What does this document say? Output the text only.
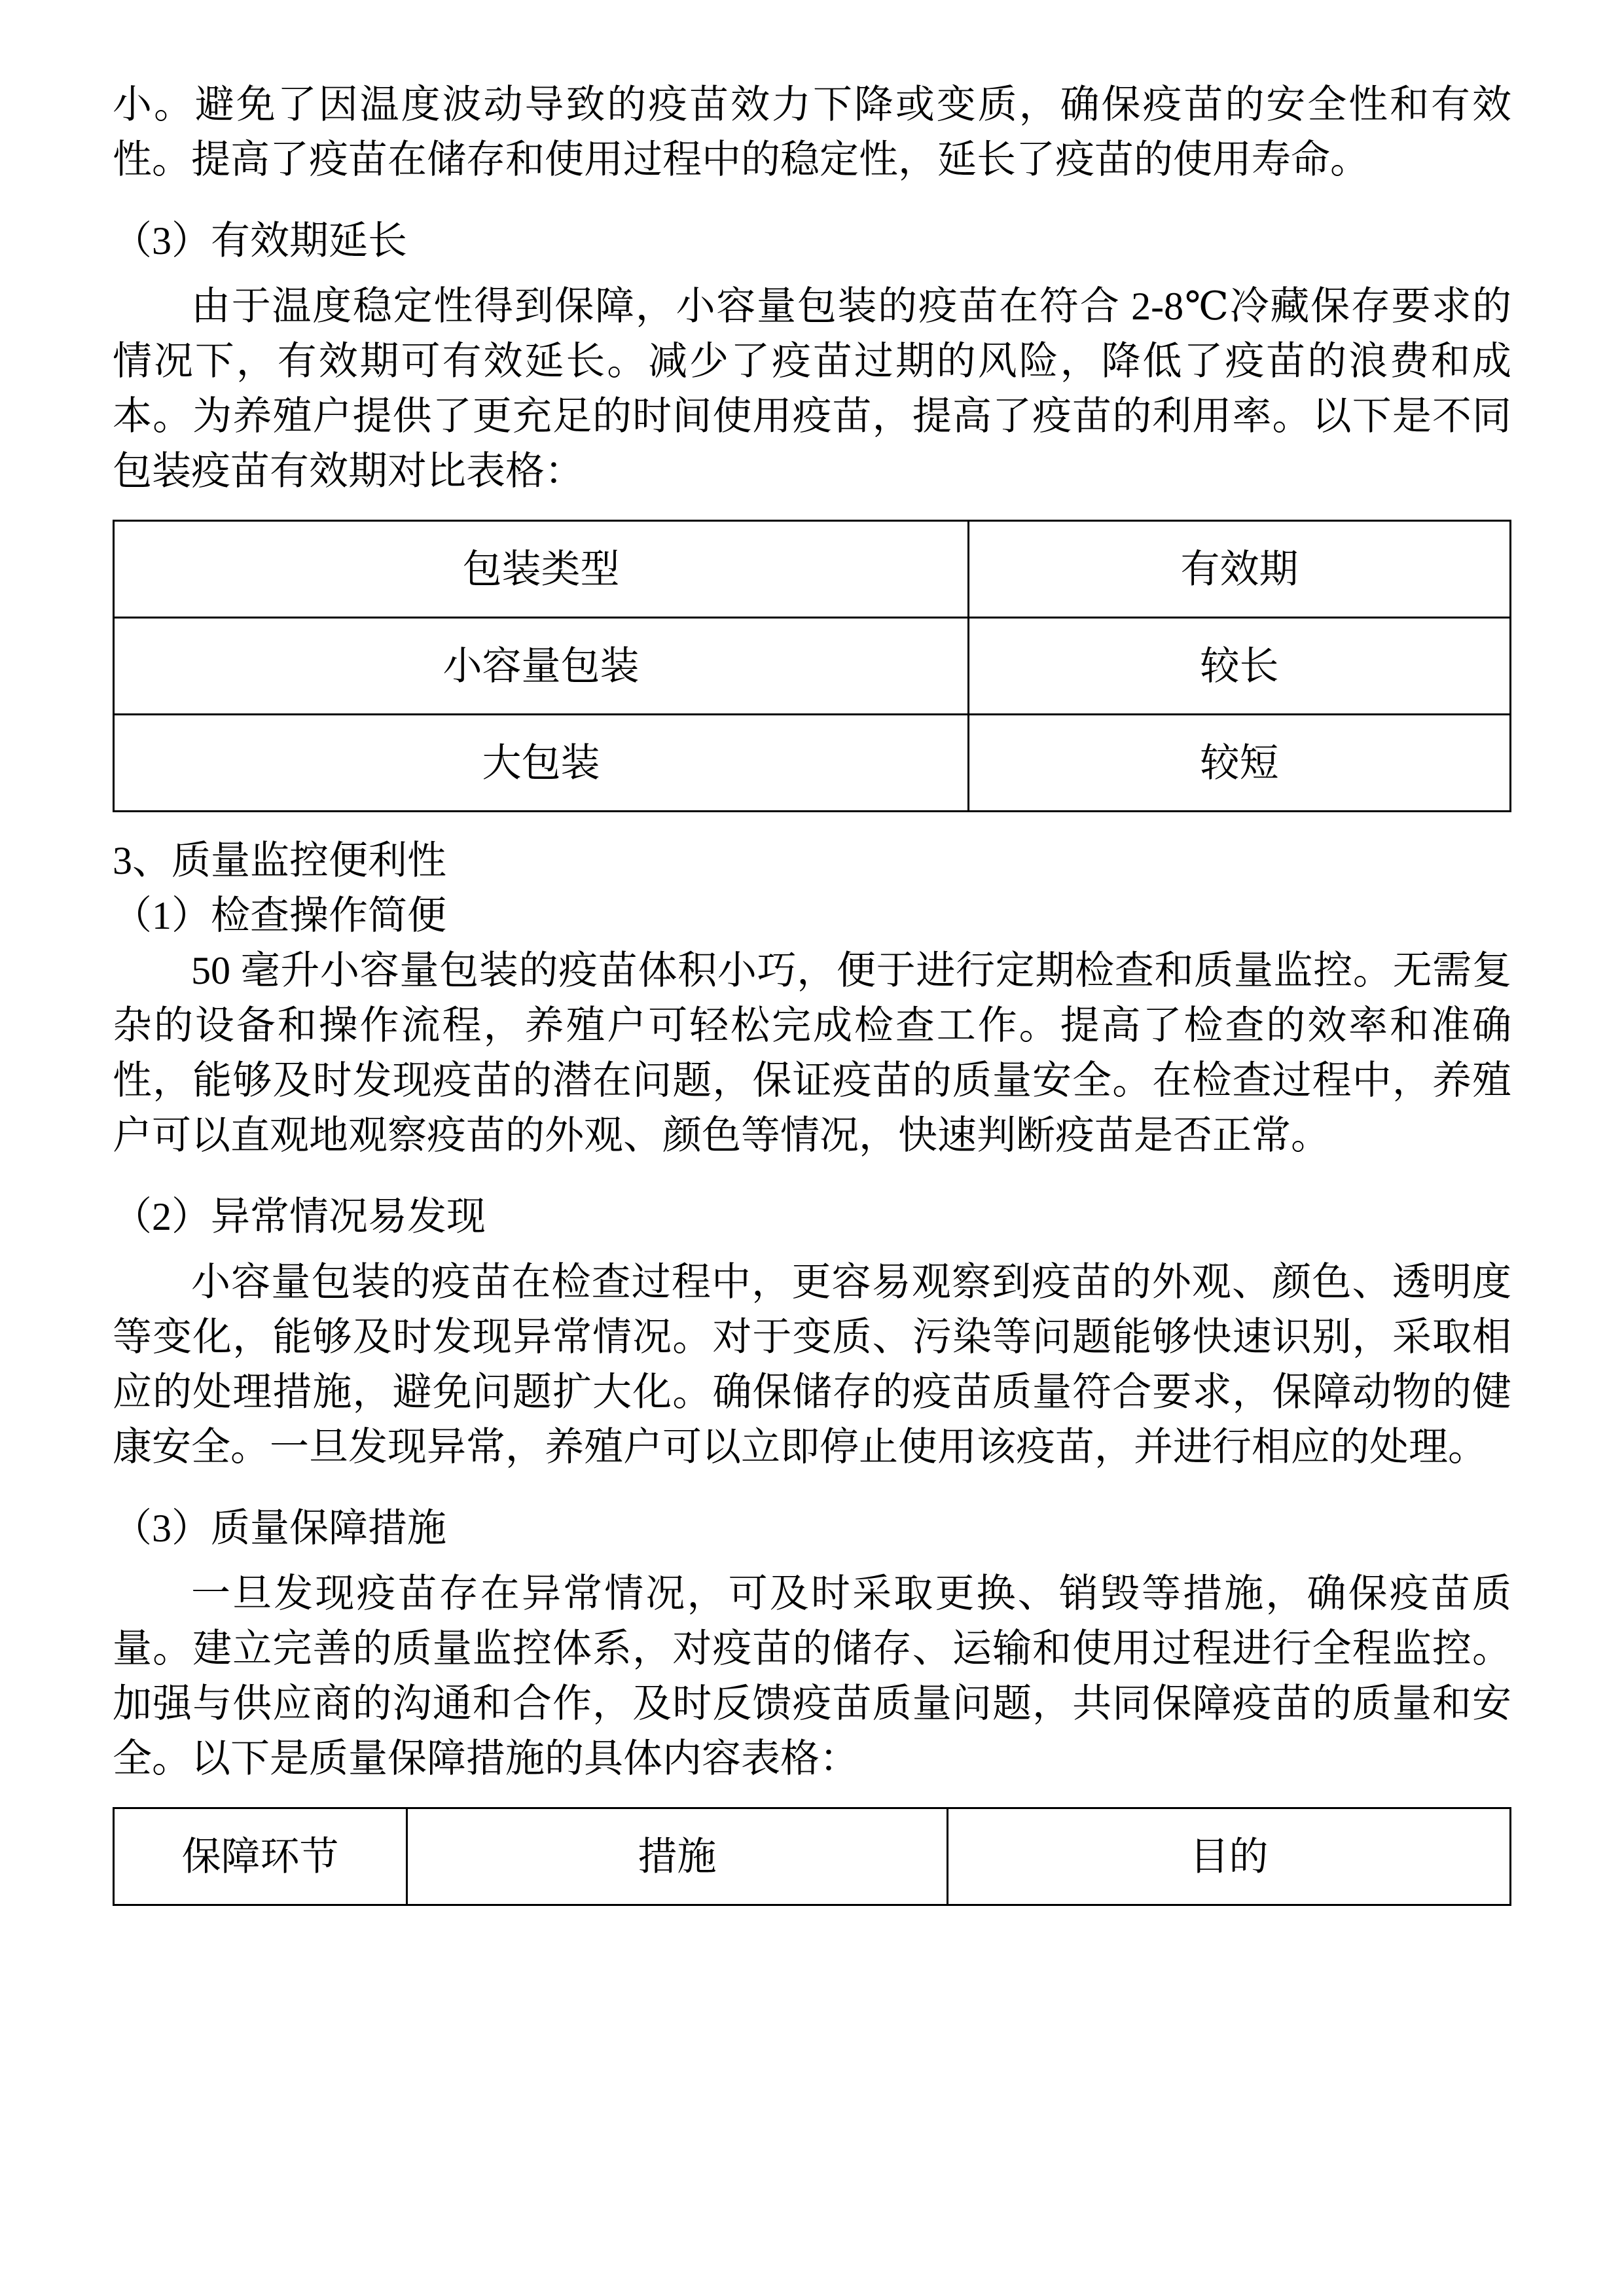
小。避免了因温度波动导致的疫苗效力下降或变质，确保疫苗的安全性和有效性。提高了疫苗在储存和使用过程中的稳定性，延长了疫苗的使用寿命。

（3）有效期延长

由于温度稳定性得到保障，小容量包装的疫苗在符合 2-8℃冷藏保存要求的情况下，有效期可有效延长。减少了疫苗过期的风险，降低了疫苗的浪费和成本。为养殖户提供了更充足的时间使用疫苗，提高了疫苗的利用率。以下是不同包装疫苗有效期对比表格：

包装类型	有效期
小容量包装	较长
大包装	较短
3、质量监控便利性
（1）检查操作简便

50 毫升小容量包装的疫苗体积小巧，便于进行定期检查和质量监控。无需复杂的设备和操作流程，养殖户可轻松完成检查工作。提高了检查的效率和准确性，能够及时发现疫苗的潜在问题，保证疫苗的质量安全。在检查过程中，养殖户可以直观地观察疫苗的外观、颜色等情况，快速判断疫苗是否正常。

（2）异常情况易发现

小容量包装的疫苗在检查过程中，更容易观察到疫苗的外观、颜色、透明度等变化，能够及时发现异常情况。对于变质、污染等问题能够快速识别，采取相应的处理措施，避免问题扩大化。确保储存的疫苗质量符合要求，保障动物的健康安全。一旦发现异常，养殖户可以立即停止使用该疫苗，并进行相应的处理。

（3）质量保障措施

一旦发现疫苗存在异常情况，可及时采取更换、销毁等措施，确保疫苗质量。建立完善的质量监控体系，对疫苗的储存、运输和使用过程进行全程监控。加强与供应商的沟通和合作，及时反馈疫苗质量问题，共同保障疫苗的质量和安全。以下是质量保障措施的具体内容表格：

保障环节	措施	目的
